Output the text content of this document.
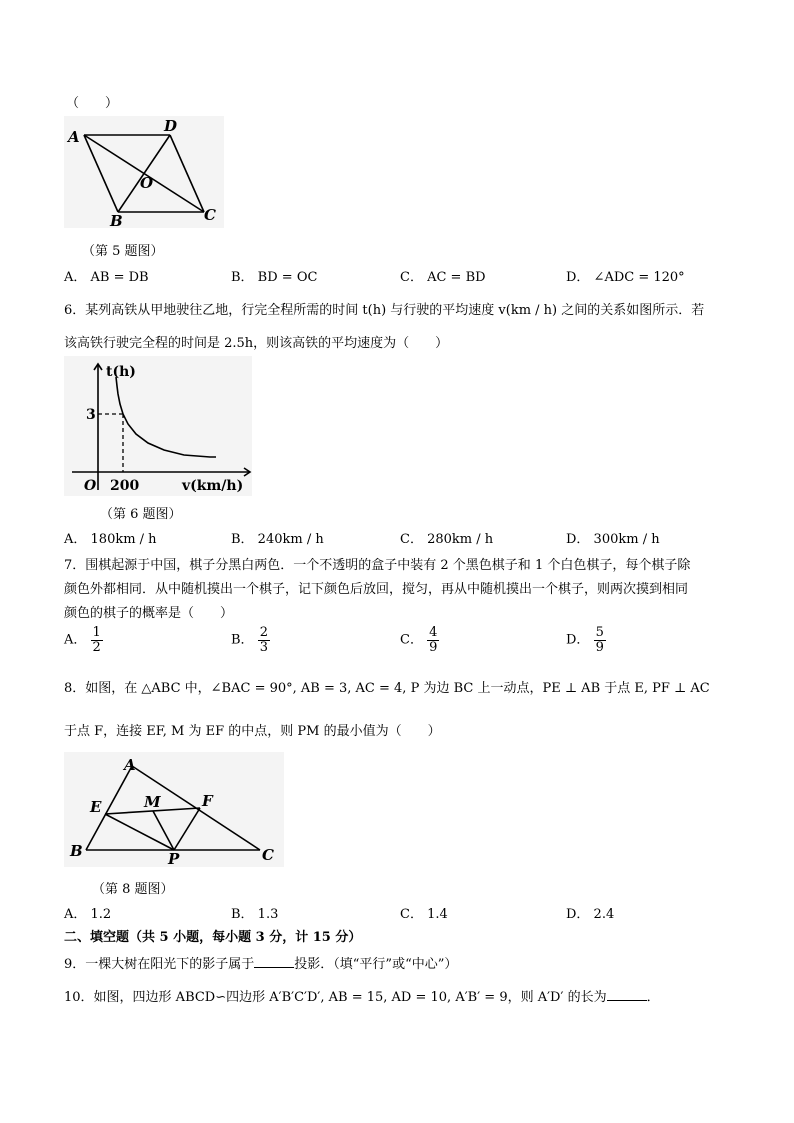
（　　）
A
D
O
B	C
（第 5 题图）
A． AB = DB	B． BD = OC	C． AC = BD	D． ∠ADC = 120°
6．某列高铁从甲地驶往乙地，行完全程所需的时间 t(h) 与行驶的平均速度 v(km / h) 之间的关系如图所示．若
该高铁行驶完全程的时间是 2.5h，则该高铁的平均速度为（　　）
t(h)
3
O 200	v(km/h)
（第 6 题图）
A． 180km / h	B． 240km / h	C． 280km / h	D． 300km / h
7．围棋起源于中国，棋子分黑白两色．一个不透明的盒子中装有 2 个黑色棋子和 1 个白色棋子，每个棋子除
颜色外都相同．从中随机摸出一个棋子，记下颜色后放回，搅匀，再从中随机摸出一个棋子，则两次摸到相同
颜色的棋子的概率是（　　）
A． $\frac{1}{2}$	B． $\frac{2}{3}$	C． $\frac{4}{9}$	D． $\frac{5}{9}$
8．如图，在 △ABC 中，∠BAC = 90°, AB = 3, AC = 4, P 为边 BC 上一动点，PE ⊥ AB 于点 E, PF ⊥ AC
于点 F，连接 EF, M 为 EF 的中点，则 PM 的最小值为（　　）
A
E	M	F
B	P	C
（第 8 题图）
A． 1.2	B． 1.3	C． 1.4	D． 2.4
二、填空题（共 5 小题，每小题 3 分，计 15 分）
9．一棵大树在阳光下的影子属于	投影．（填“平行”或“中心”）
10．如图，四边形 ABCD∽四边形 A′B′C′D′, AB = 15, AD = 10, A′B′ = 9，则 A′D′ 的长为	．
